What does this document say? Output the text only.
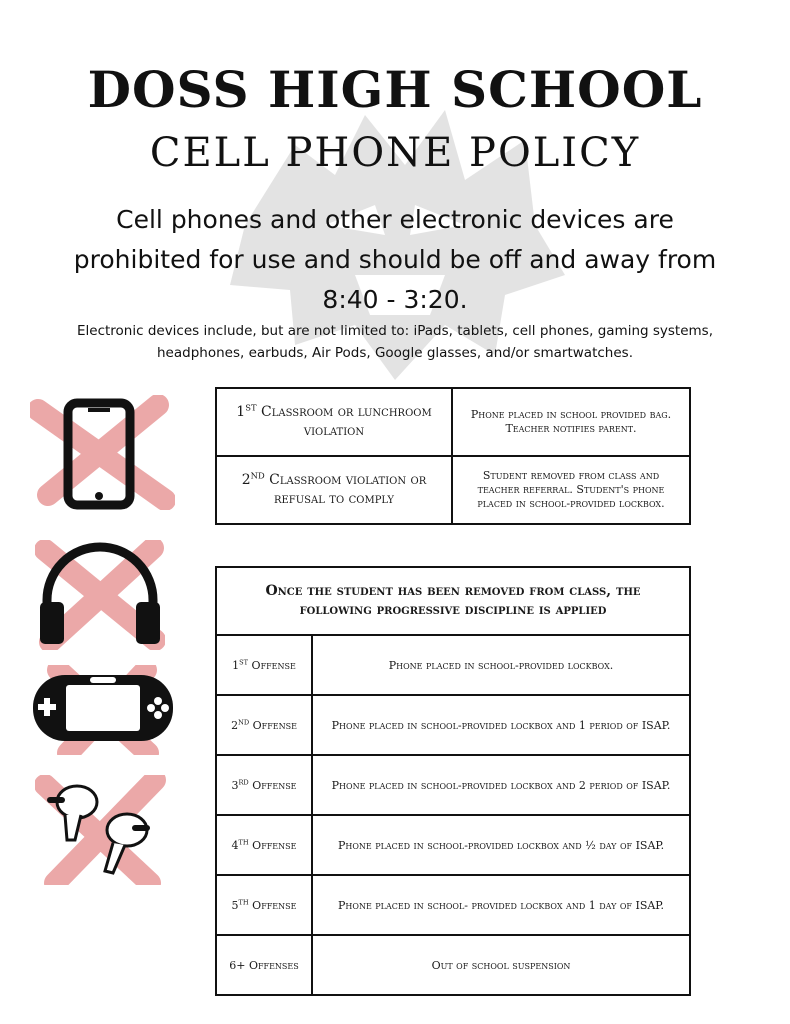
DOSS HIGH SCHOOL
CELL PHONE POLICY
Cell phones and other electronic devices are prohibited for use and should be off and away from 8:40 - 3:20.
Electronic devices include, but are not limited to: iPads, tablets, cell phones, gaming systems, headphones, earbuds, Air Pods, Google glasses, and/or smartwatches.
1ST Classroom or lunchroom violation	Phone placed in school provided bag. Teacher notifies parent.
2ND Classroom violation or refusal to comply	Student removed from class and teacher referral. Student's phone placed in school-provided lockbox.
Once the student has been removed from class, the following progressive discipline is applied	
1ST Offense	Phone placed in school-provided lockbox.
2ND Offense	Phone placed in school-provided lockbox and 1 period of ISAP.
3RD Offense	Phone placed in school-provided lockbox and 2 period of ISAP.
4TH Offense	Phone placed in school-provided lockbox and ½ day of ISAP.
5TH Offense	Phone placed in school- provided lockbox and 1 day of ISAP.
6+ Offenses	Out of school suspension
